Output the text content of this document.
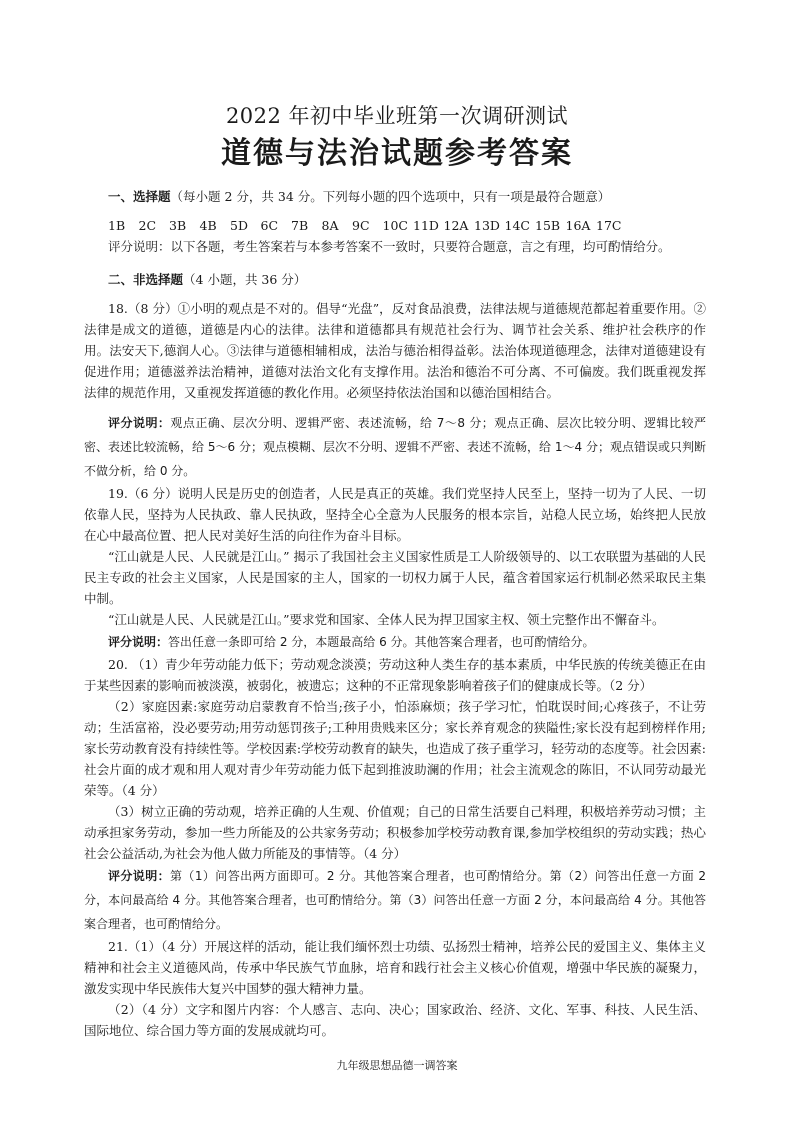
2022 年初中毕业班第一次调研测试
道德与法治试题参考答案

一、选择题（每小题 2 分，共 34 分。下列每小题的四个选项中，只有一项是最符合题意）

1B	2C	3B	4B	5D	6C	7B	8A	9C	10C 11D 12A 13D 14C 15B 16A 17C

评分说明：以下各题，考生答案若与本参考答案不一致时，只要符合题意，言之有理，均可酌情给分。

二、非选择题（4 小题，共 36 分）

18.（8 分）①小明的观点是不对的。倡导“光盘”，反对食品浪费，法律法规与道德规范都起着重要作用。②法律是成文的道德，道德是内心的法律。法律和道德都具有规范社会行为、调节社会关系、维护社会秩序的作用。法安天下,德润人心。③法律与道德相辅相成，法治与德治相得益彰。法治体现道德理念，法律对道德建设有促进作用；道德滋养法治精神，道德对法治文化有支撑作用。法治和德治不可分离、不可偏废。我们既重视发挥法律的规范作用，又重视发挥道德的教化作用。必须坚持依法治国和以德治国相结合。

评分说明：观点正确、层次分明、逻辑严密、表述流畅，给 7～8 分；观点正确、层次比较分明、逻辑比较严密、表述比较流畅，给 5～6 分；观点模糊、层次不分明、逻辑不严密、表述不流畅，给 1～4 分；观点错误或只判断不做分析，给 0 分。

19.（6 分）说明人民是历史的创造者，人民是真正的英雄。我们党坚持人民至上，坚持一切为了人民、一切依靠人民，坚持为人民执政、靠人民执政，坚持全心全意为人民服务的根本宗旨，站稳人民立场，始终把人民放在心中最高位置、把人民对美好生活的向往作为奋斗目标。

“江山就是人民、人民就是江山。” 揭示了我国社会主义国家性质是工人阶级领导的、以工农联盟为基础的人民民主专政的社会主义国家，人民是国家的主人，国家的一切权力属于人民，蕴含着国家运行机制必然采取民主集中制。

“江山就是人民、人民就是江山。”要求党和国家、全体人民为捍卫国家主权、领土完整作出不懈奋斗。

评分说明：答出任意一条即可给 2 分，本题最高给 6 分。其他答案合理者，也可酌情给分。

20. （1）青少年劳动能力低下；劳动观念淡漠；劳动这种人类生存的基本素质，中华民族的传统美德正在由于某些因素的影响而被淡漠，被弱化，被遗忘；这种的不正常现象影响着孩子们的健康成长等。（2 分）

（2）家庭因素:家庭劳动启蒙教育不恰当;孩子小，怕添麻烦；孩子学习忙，怕耽误时间;心疼孩子，不让劳动；生活富裕，没必要劳动;用劳动惩罚孩子;工种用贵贱来区分；家长养育观念的狭隘性;家长没有起到榜样作用;家长劳动教育没有持续性等。学校因素:学校劳动教育的缺失，也造成了孩子重学习，轻劳动的态度等。社会因素:社会片面的成才观和用人观对青少年劳动能力低下起到推波助澜的作用；社会主流观念的陈旧，不认同劳动最光荣等。（4 分）

（3）树立正确的劳动观，培养正确的人生观、价值观；自己的日常生活要自己料理，积极培养劳动习惯；主动承担家务劳动，参加一些力所能及的公共家务劳动；积极参加学校劳动教育课,参加学校组织的劳动实践；热心社会公益活动,为社会为他人做力所能及的事情等。（4 分）

评分说明：第（1）问答出两方面即可。2 分。其他答案合理者，也可酌情给分。第（2）问答出任意一方面 2 分，本问最高给 4 分。其他答案合理者，也可酌情给分。第（3）问答出任意一方面 2 分，本问最高给 4 分。其他答案合理者，也可酌情给分。

21.（1）（4 分）开展这样的活动，能让我们缅怀烈士功绩、弘扬烈士精神，培养公民的爱国主义、集体主义精神和社会主义道德风尚，传承中华民族气节血脉，培育和践行社会主义核心价值观，增强中华民族的凝聚力，激发实现中华民族伟大复兴中国梦的强大精神力量。

（2）（4 分）文字和图片内容：个人感言、志向、决心；国家政治、经济、文化、军事、科技、人民生活、国际地位、综合国力等方面的发展成就均可。

九年级思想品德一调答案
